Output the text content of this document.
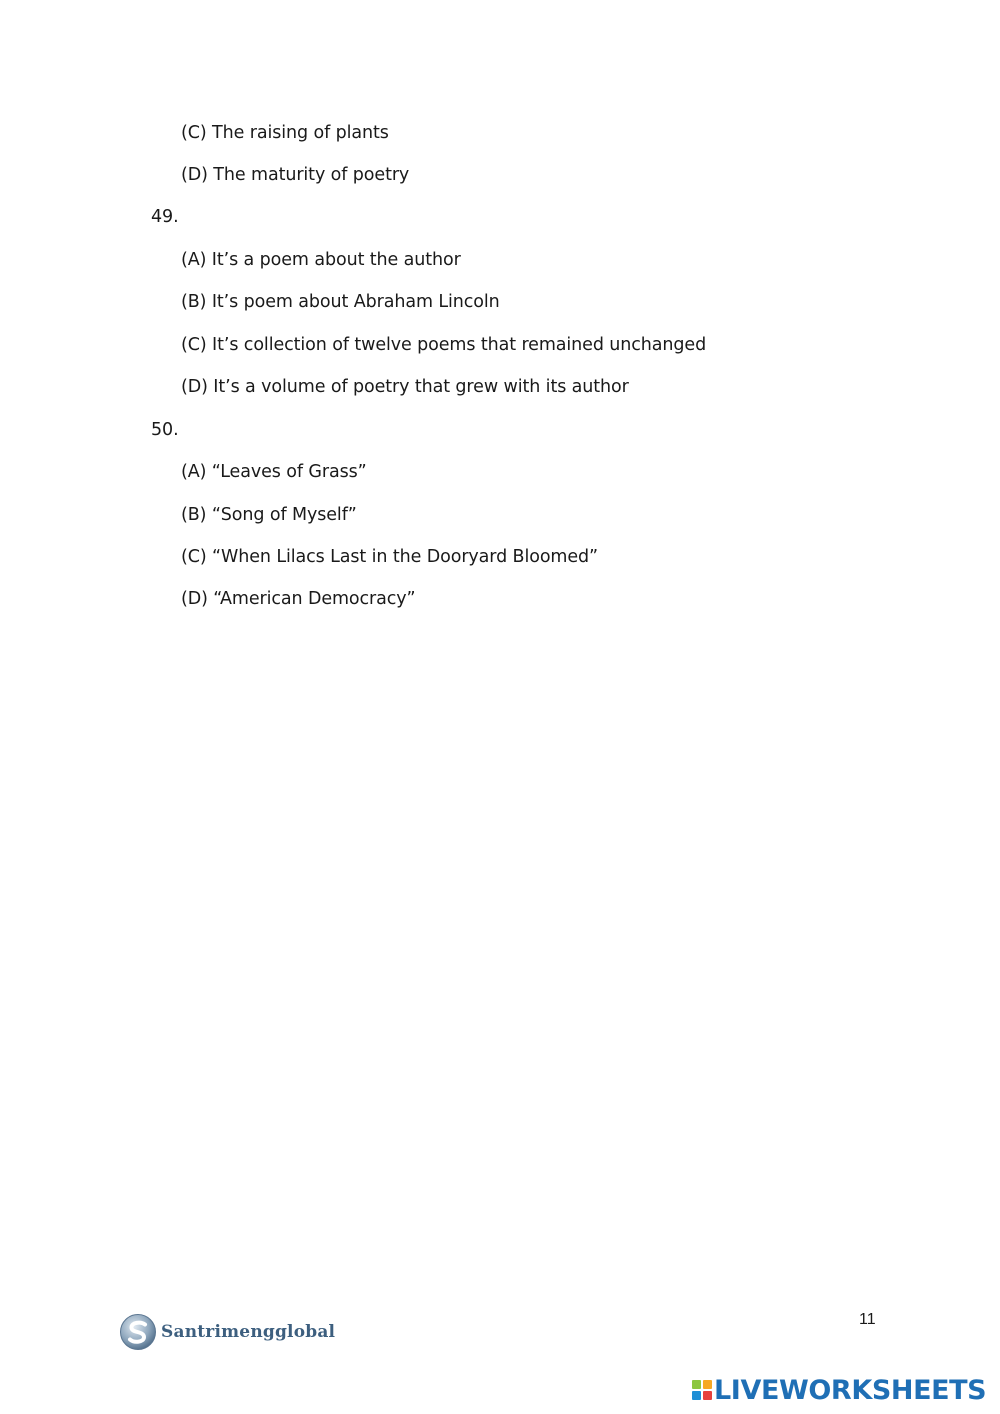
(C) The raising of plants
(D) The maturity of poetry
49.
(A) It’s a poem about the author
(B) It’s poem about Abraham Lincoln
(C) It’s collection of twelve poems that remained unchanged
(D) It’s a volume of poetry that grew with its author
50.
(A) “Leaves of Grass”
(B) “Song of Myself”
(C) “When Lilacs Last in the Dooryard Bloomed”
(D) “American Democracy”
11
Santrimengglobal
LIVEWORKSHEETS
